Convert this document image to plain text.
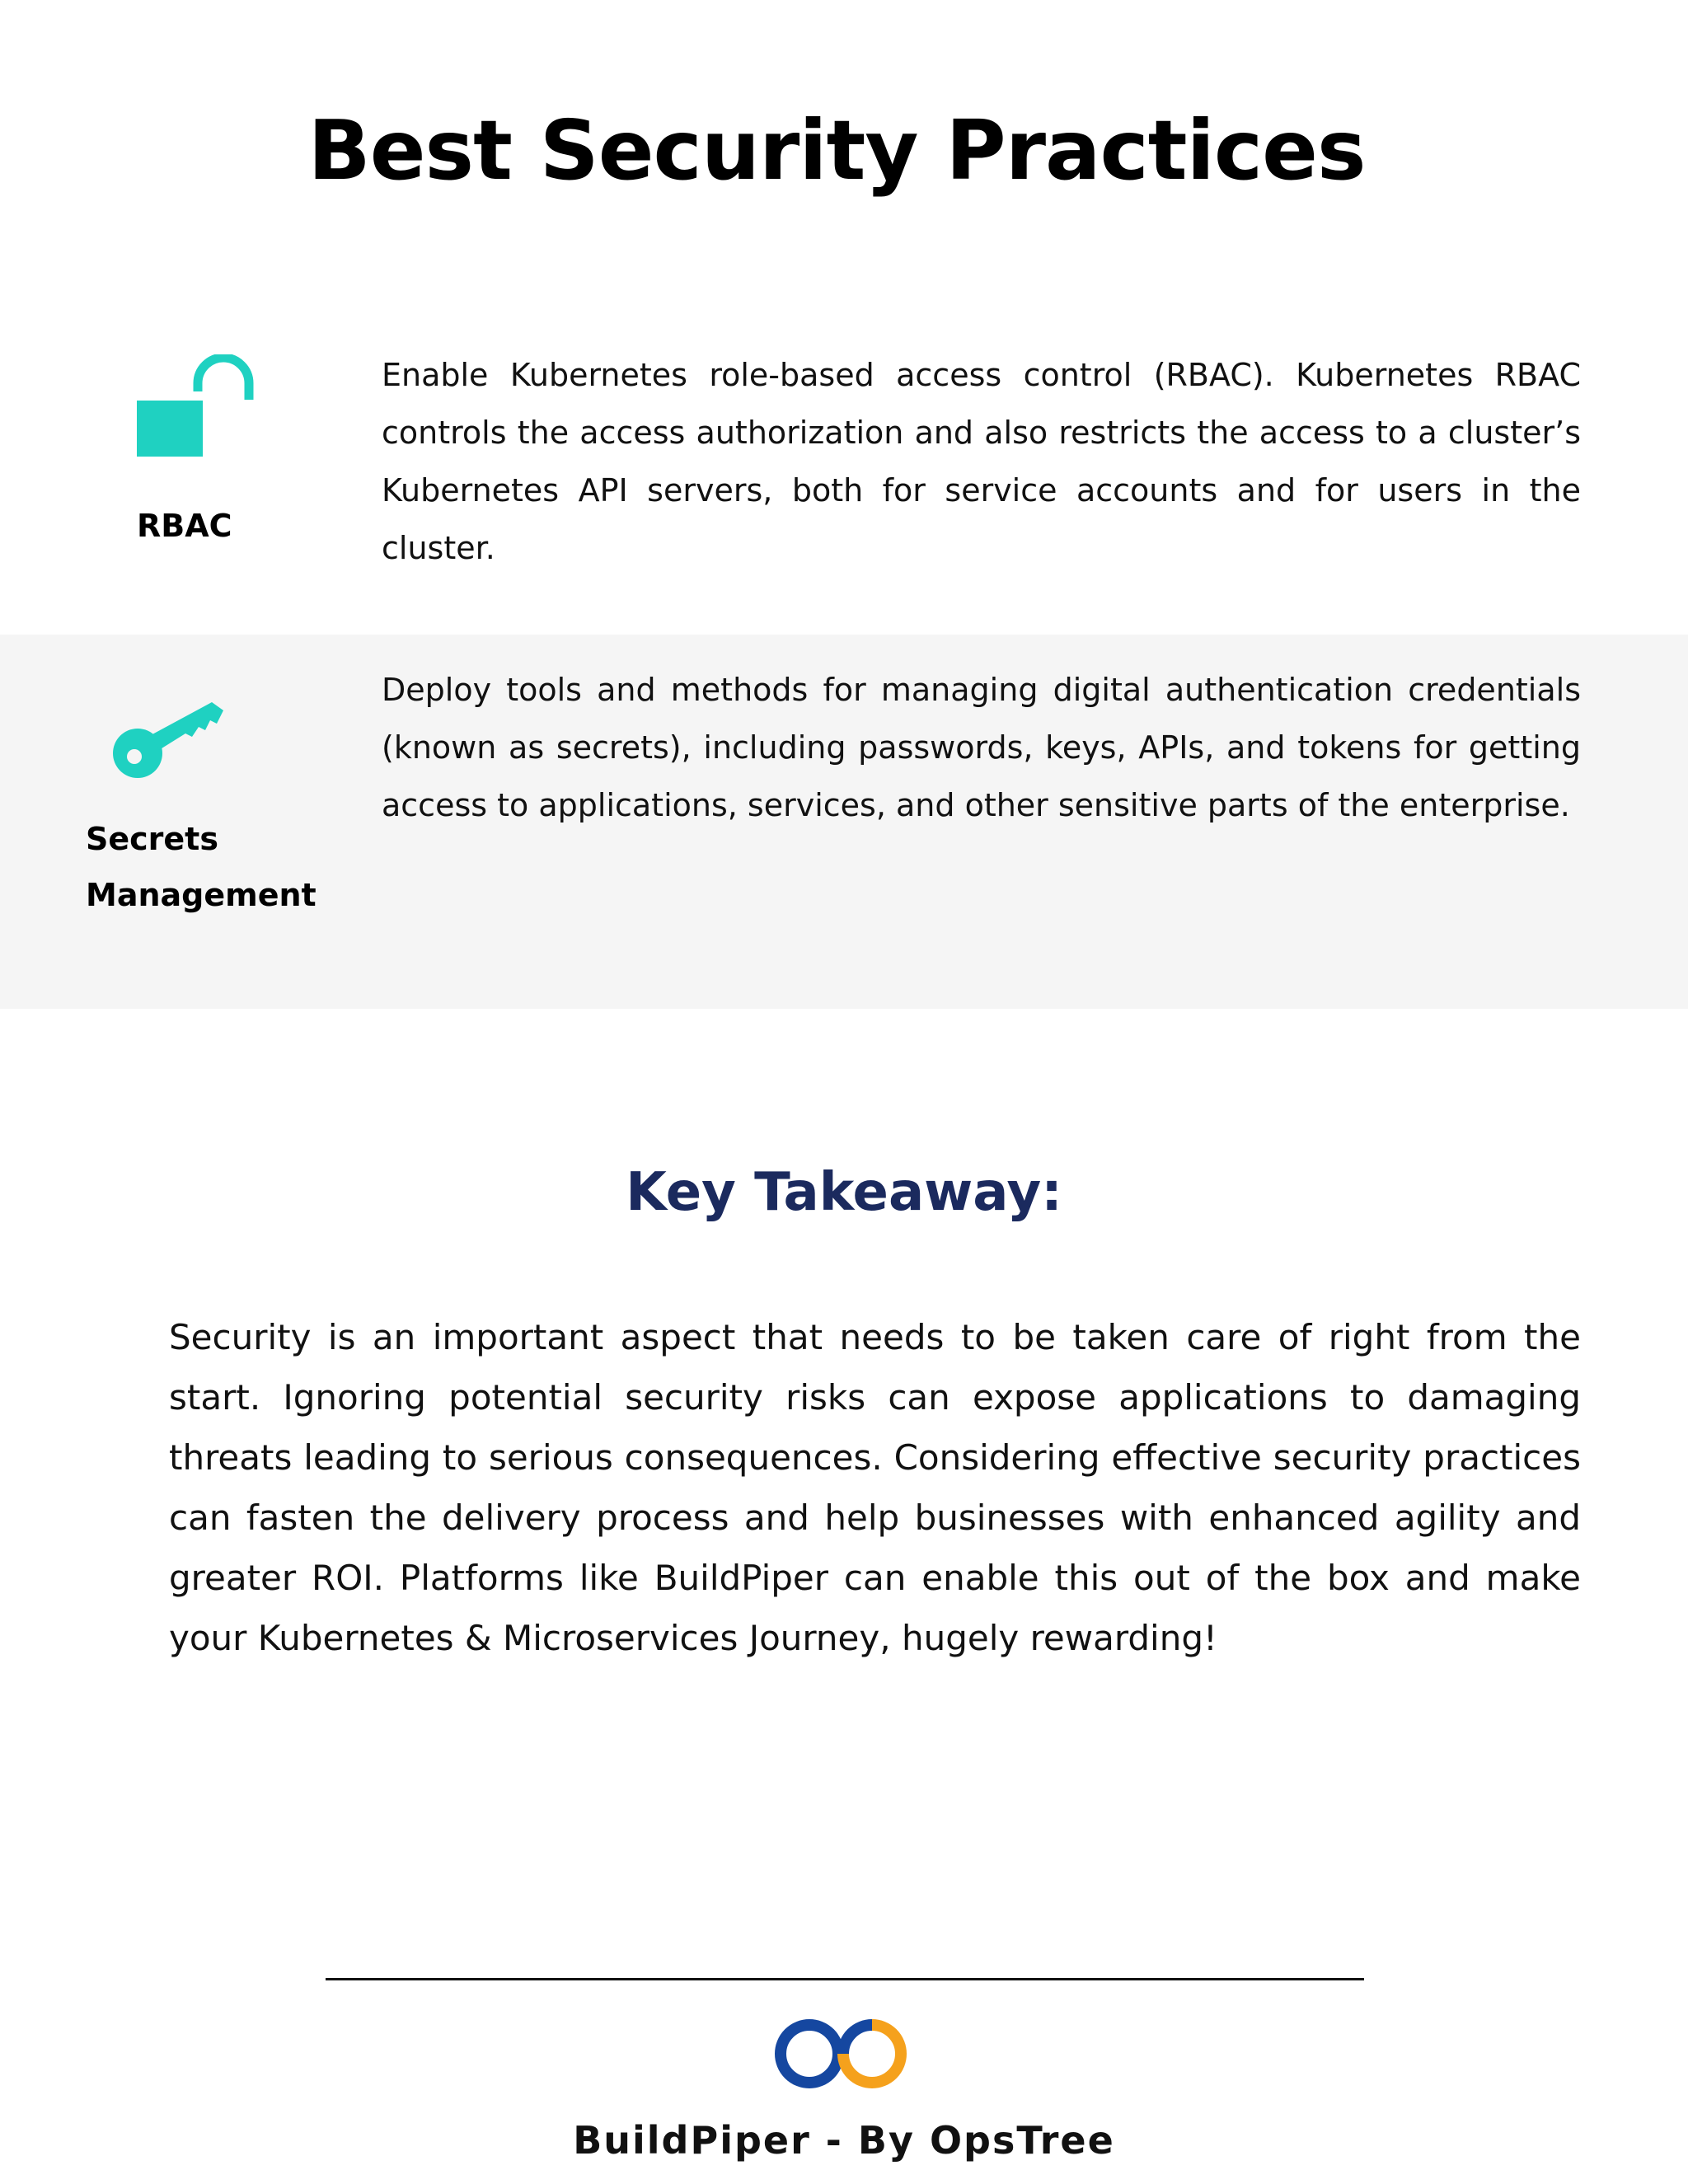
Best Security Practices
RBAC
Enable Kubernetes role-based access control (RBAC). Kubernetes RBAC controls the access authorization and also restricts the access to a cluster’s Kubernetes API servers, both for service accounts and for users in the cluster.
Secrets
Management
Deploy tools and methods for managing digital authentication credentials (known as secrets), including passwords, keys, APIs, and tokens for getting access to applications, services, and other sensitive parts of the enterprise.
Key Takeaway:
Security is an important aspect that needs to be taken care of right from the start. Ignoring potential security risks can expose applications to damaging threats leading to serious consequences. Considering effective security practices can fasten the delivery process and help businesses with enhanced agility and greater ROI. Platforms like BuildPiper can enable this out of the box and make your Kubernetes & Microservices Journey, hugely rewarding!
BuildPiper - By OpsTree
